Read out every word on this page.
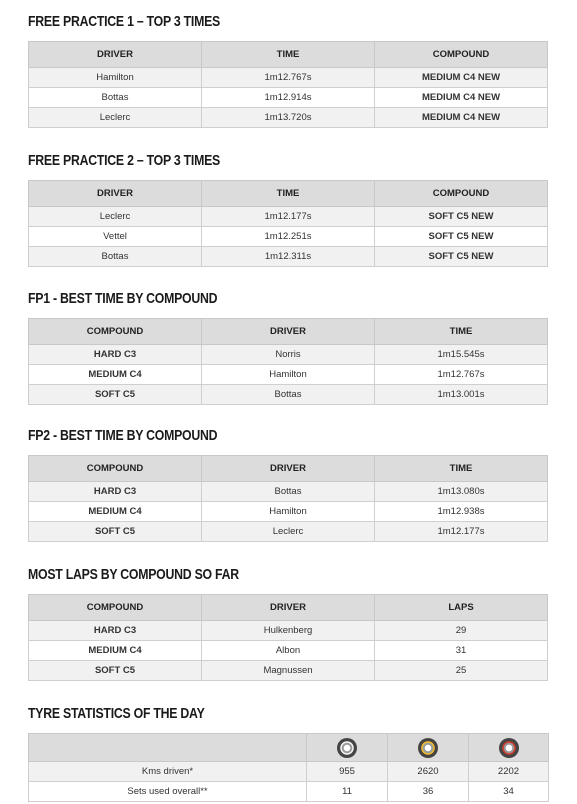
FREE PRACTICE 1 – TOP 3 TIMES
DRIVER	TIME	COMPOUND
Hamilton	1m12.767s	MEDIUM C4 NEW
Bottas	1m12.914s	MEDIUM C4 NEW
Leclerc	1m13.720s	MEDIUM C4 NEW
FREE PRACTICE 2 – TOP 3 TIMES
DRIVER	TIME	COMPOUND
Leclerc	1m12.177s	SOFT C5 NEW
Vettel	1m12.251s	SOFT C5 NEW
Bottas	1m12.311s	SOFT C5 NEW
FP1 - BEST TIME BY COMPOUND
COMPOUND	DRIVER	TIME
HARD C3	Norris	1m15.545s
MEDIUM C4	Hamilton	1m12.767s
SOFT C5	Bottas	1m13.001s
FP2 - BEST TIME BY COMPOUND
COMPOUND	DRIVER	TIME
HARD C3	Bottas	1m13.080s
MEDIUM C4	Hamilton	1m12.938s
SOFT C5	Leclerc	1m12.177s
MOST LAPS BY COMPOUND SO FAR
COMPOUND	DRIVER	LAPS
HARD C3	Hulkenberg	29
MEDIUM C4	Albon	31
SOFT C5	Magnussen	25
TYRE STATISTICS OF THE DAY

Kms driven*	955	2620	2202
Sets used overall**	11	36	34
